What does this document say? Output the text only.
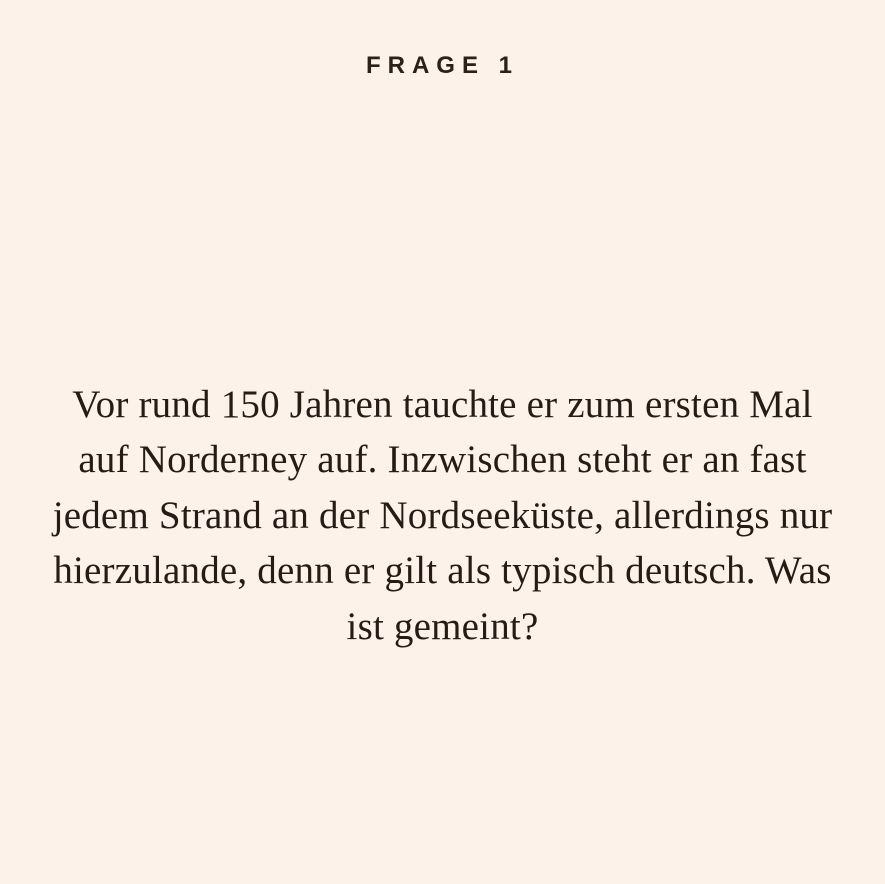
FRAGE 1

Vor rund 150 Jahren tauchte er zum ersten Mal auf Norderney auf. Inzwischen steht er an fast jedem Strand an der Nordseeküste, allerdings nur hierzulande, denn er gilt als typisch deutsch. Was ist gemeint?
